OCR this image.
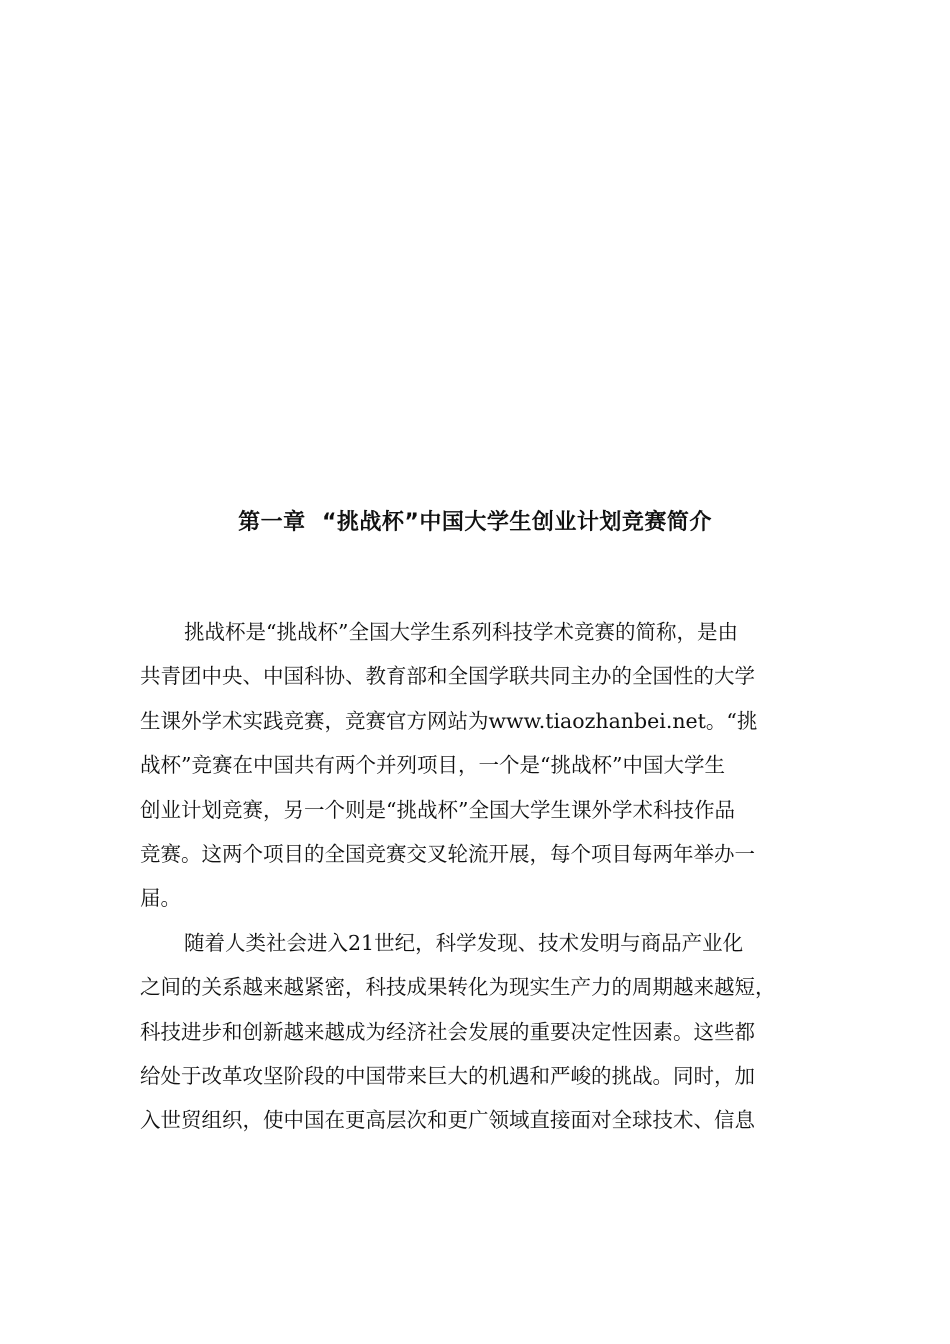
第一章  “挑战杯”中国大学生创业计划竞赛简介
挑战杯是“挑战杯”全国大学生系列科技学术竞赛的简称，是由
共青团中央、中国科协、教育部和全国学联共同主办的全国性的大学
生课外学术实践竞赛，竞赛官方网站为www.tiaozhanbei.net。“挑
战杯”竞赛在中国共有两个并列项目，一个是“挑战杯”中国大学生
创业计划竞赛，另一个则是“挑战杯”全国大学生课外学术科技作品
竞赛。这两个项目的全国竞赛交叉轮流开展，每个项目每两年举办一
届。
随着人类社会进入21世纪，科学发现、技术发明与商品产业化
之间的关系越来越紧密，科技成果转化为现实生产力的周期越来越短，
科技进步和创新越来越成为经济社会发展的重要决定性因素。这些都
给处于改革攻坚阶段的中国带来巨大的机遇和严峻的挑战。同时，加
入世贸组织，使中国在更高层次和更广领域直接面对全球技术、信息
